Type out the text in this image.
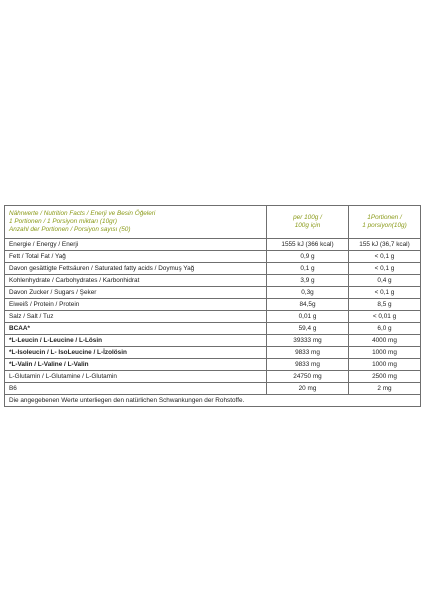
Nährwerte / Nutrition Facts / Enerji ve Besin Öğeleri
1 Portionen / 1 Porsiyon miktarı (10gr)
Anzahl der Portionen / Porsiyon sayısı (50)	per 100g /
100g için	1Portionen /
1 porsiyon(10g)

Energie / Energy / Enerji	1555 kJ (366 kcal)	155 kJ (36,7 kcal)
Fett / Total Fat / Yağ	0,9 g	< 0,1 g
Davon gesättigte Fettsäuren / Saturated fatty acids / Doymuş Yağ	0,1 g	< 0,1 g
Kohlenhydrate / Carbohydrates / Karbonhidrat	3,9 g	0,4 g
Davon Zucker / Sugars / Şeker	0,3g	< 0,1 g
Eiweiß / Protein / Protein	84,5g	8,5 g
Salz / Salt / Tuz	0,01 g	< 0,01 g
BCAA*	59,4 g	6,0 g
*L-Leucin / L-Leucine / L-Lösin	39333 mg	4000 mg
*L-Isoleucin / L- IsoLeucine / L-İzolösin	9833 mg	1000 mg
*L-Valin / L-Valine / L-Valin	9833 mg	1000 mg
L-Glutamin / L-Glutamine / L-Glutamin	24750 mg	2500 mg
B6	20 mg	2 mg
Die angegebenen Werte unterliegen den natürlichen Schwankungen der Rohstoffe.		
